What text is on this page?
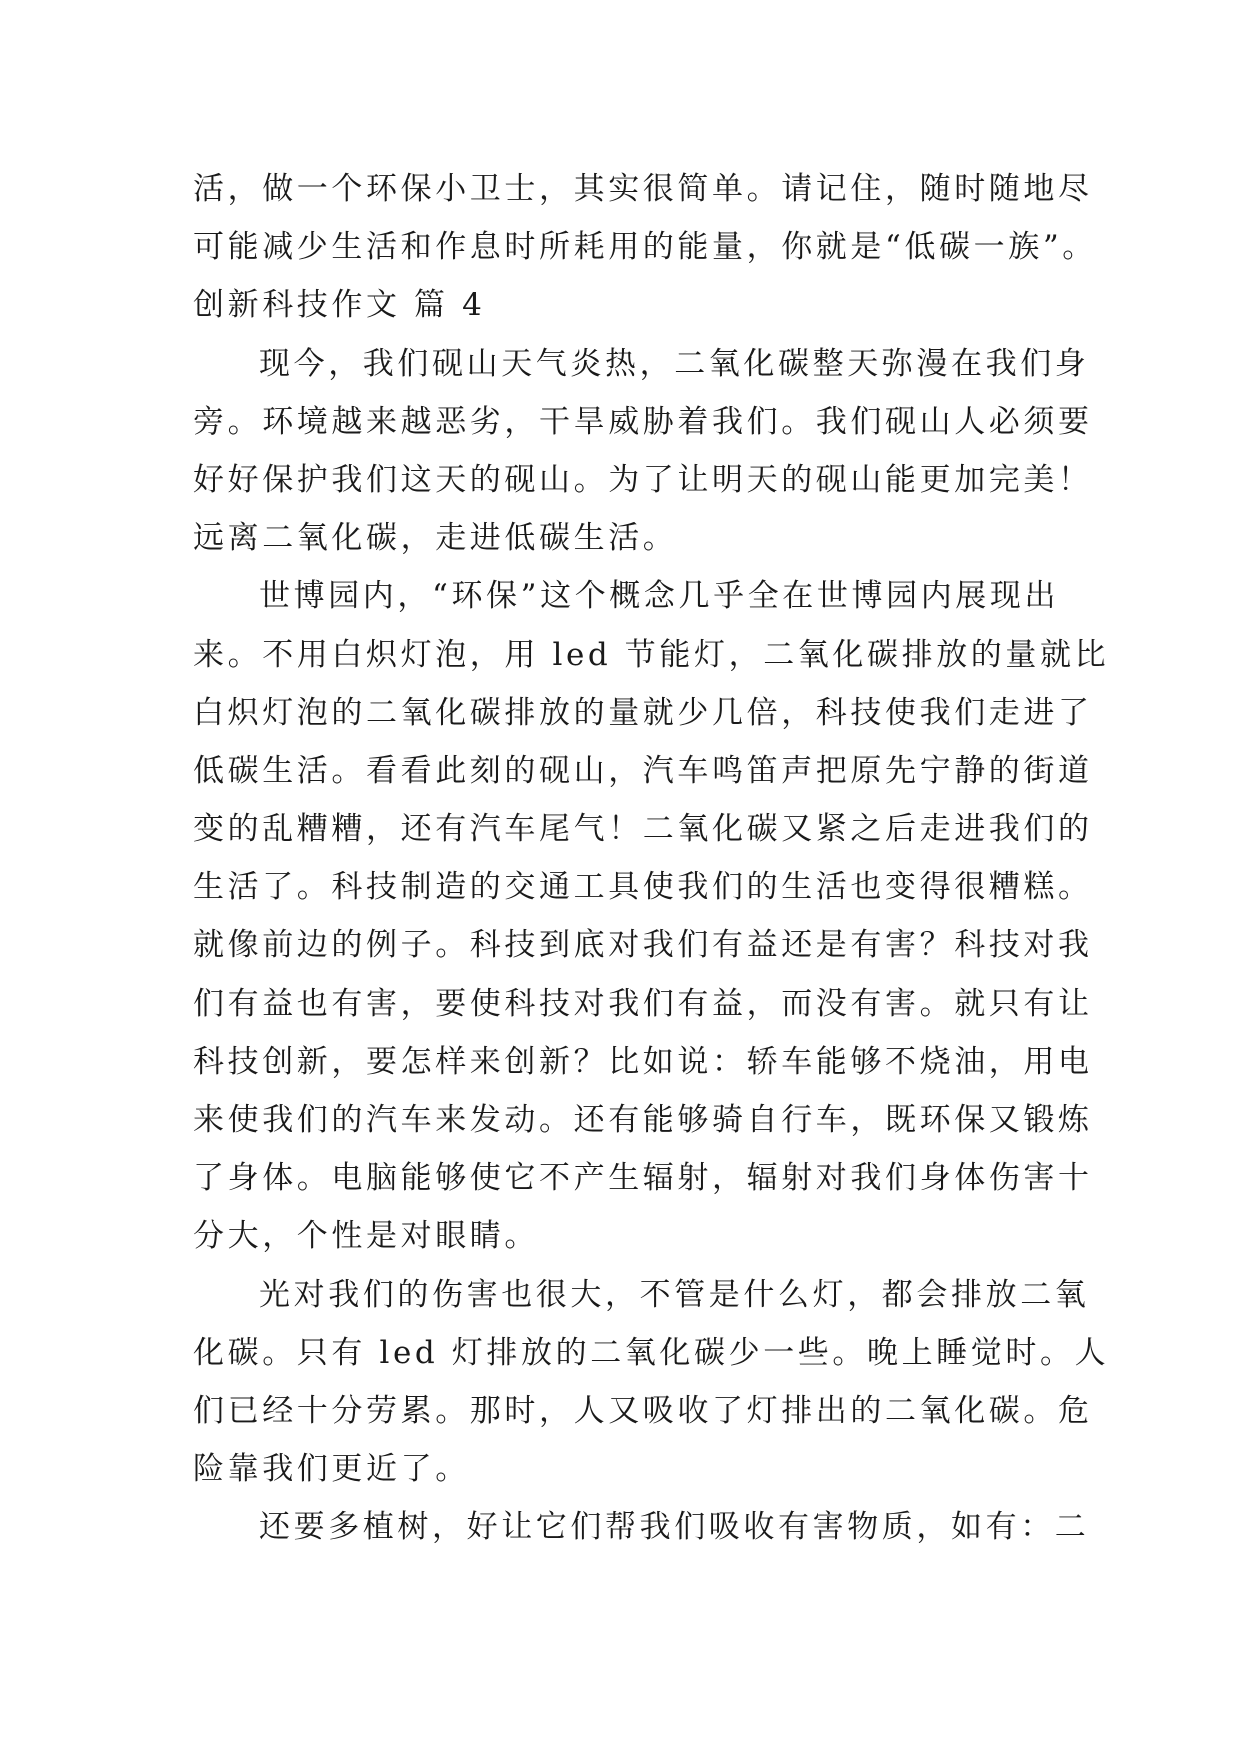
活，做一个环保小卫士，其实很简单。请记住，随时随地尽
可能减少生活和作息时所耗用的能量，你就是“低碳一族”。
创新科技作文 篇 4
现今，我们砚山天气炎热，二氧化碳整天弥漫在我们身
旁。环境越来越恶劣，干旱威胁着我们。我们砚山人必须要
好好保护我们这天的砚山。为了让明天的砚山能更加完美！
远离二氧化碳，走进低碳生活。
世博园内，“环保”这个概念几乎全在世博园内展现出
来。不用白炽灯泡，用 led 节能灯，二氧化碳排放的量就比
白炽灯泡的二氧化碳排放的量就少几倍，科技使我们走进了
低碳生活。看看此刻的砚山，汽车鸣笛声把原先宁静的街道
变的乱糟糟，还有汽车尾气！二氧化碳又紧之后走进我们的
生活了。科技制造的交通工具使我们的生活也变得很糟糕。
就像前边的例子。科技到底对我们有益还是有害？科技对我
们有益也有害，要使科技对我们有益，而没有害。就只有让
科技创新，要怎样来创新？比如说：轿车能够不烧油，用电
来使我们的汽车来发动。还有能够骑自行车，既环保又锻炼
了身体。电脑能够使它不产生辐射，辐射对我们身体伤害十
分大，个性是对眼睛。
光对我们的伤害也很大，不管是什么灯，都会排放二氧
化碳。只有 led 灯排放的二氧化碳少一些。晚上睡觉时。人
们已经十分劳累。那时，人又吸收了灯排出的二氧化碳。危
险靠我们更近了。
还要多植树，好让它们帮我们吸收有害物质，如有：二
